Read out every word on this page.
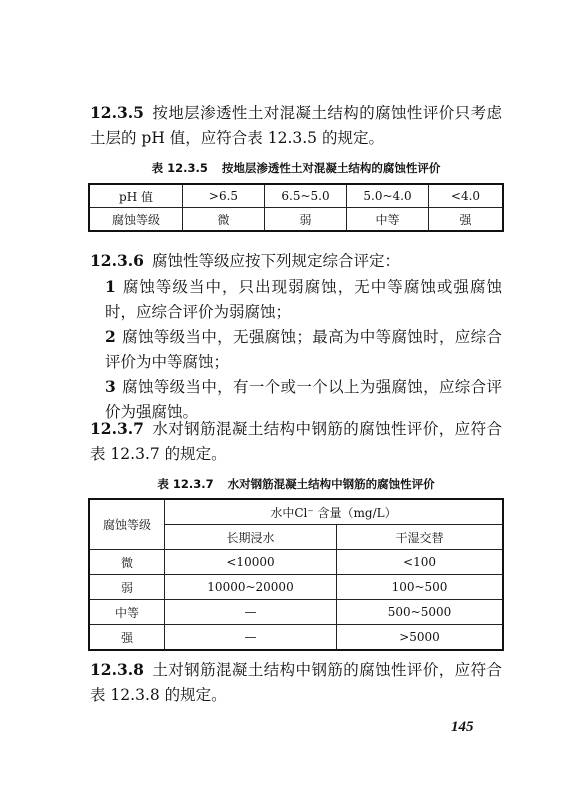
12.3.5 按地层渗透性土对混凝土结构的腐蚀性评价只考虑土层的 pH 值，应符合表 12.3.5 的规定。
表 12.3.5 按地层渗透性土对混凝土结构的腐蚀性评价
pH 值	>6.5	6.5~5.0	5.0~4.0	<4.0
腐蚀等级	微	弱	中等	强
12.3.6 腐蚀性等级应按下列规定综合评定：
1 腐蚀等级当中，只出现弱腐蚀，无中等腐蚀或强腐蚀时，应综合评价为弱腐蚀；
2 腐蚀等级当中，无强腐蚀；最高为中等腐蚀时，应综合评价为中等腐蚀；
3 腐蚀等级当中，有一个或一个以上为强腐蚀，应综合评价为强腐蚀。
12.3.7 水对钢筋混凝土结构中钢筋的腐蚀性评价，应符合表 12.3.7 的规定。
表 12.3.7 水对钢筋混凝土结构中钢筋的腐蚀性评价
腐蚀等级	水中Cl⁻ 含量（mg/L）	
	长期浸水	干湿交替
微	<10000	<100
弱	10000~20000	100~500
中等	—	500~5000
强	—	>5000
12.3.8 土对钢筋混凝土结构中钢筋的腐蚀性评价，应符合表 12.3.8 的规定。
145
